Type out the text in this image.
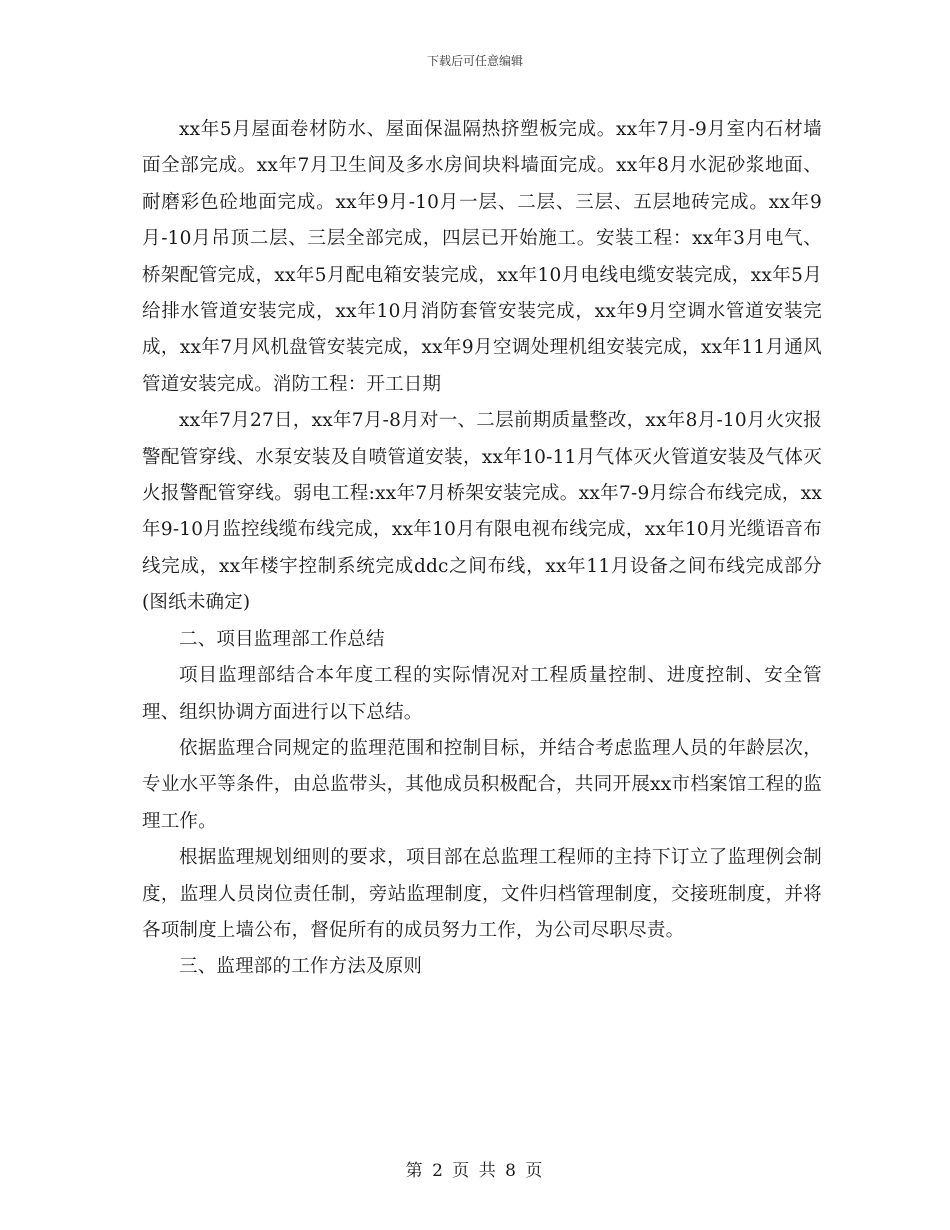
下载后可任意编辑

xx年5月屋面卷材防水、屋面保温隔热挤塑板完成。xx年7月-9月室内石材墙面全部完成。xx年7月卫生间及多水房间块料墙面完成。xx年8月水泥砂浆地面、耐磨彩色砼地面完成。xx年9月-10月一层、二层、三层、五层地砖完成。xx年9月-10月吊顶二层、三层全部完成，四层已开始施工。安装工程：xx年3月电气、桥架配管完成，xx年5月配电箱安装完成，xx年10月电线电缆安装完成，xx年5月给排水管道安装完成，xx年10月消防套管安装完成，xx年9月空调水管道安装完成，xx年7月风机盘管安装完成，xx年9月空调处理机组安装完成，xx年11月通风管道安装完成。消防工程：开工日期

xx年7月27日，xx年7月-8月对一、二层前期质量整改，xx年8月-10月火灾报警配管穿线、水泵安装及自喷管道安装，xx年10-11月气体灭火管道安装及气体灭火报警配管穿线。弱电工程:xx年7月桥架安装完成。xx年7-9月综合布线完成，xx年9-10月监控线缆布线完成，xx年10月有限电视布线完成，xx年10月光缆语音布线完成，xx年楼宇控制系统完成ddc之间布线，xx年11月设备之间布线完成部分(图纸未确定)

二、项目监理部工作总结

项目监理部结合本年度工程的实际情况对工程质量控制、进度控制、安全管理、组织协调方面进行以下总结。

依据监理合同规定的监理范围和控制目标，并结合考虑监理人员的年龄层次，专业水平等条件，由总监带头，其他成员积极配合，共同开展xx市档案馆工程的监理工作。

根据监理规划细则的要求，项目部在总监理工程师的主持下订立了监理例会制度，监理人员岗位责任制，旁站监理制度，文件归档管理制度，交接班制度，并将各项制度上墙公布，督促所有的成员努力工作，为公司尽职尽责。

三、监理部的工作方法及原则

第 2 页 共 8 页
